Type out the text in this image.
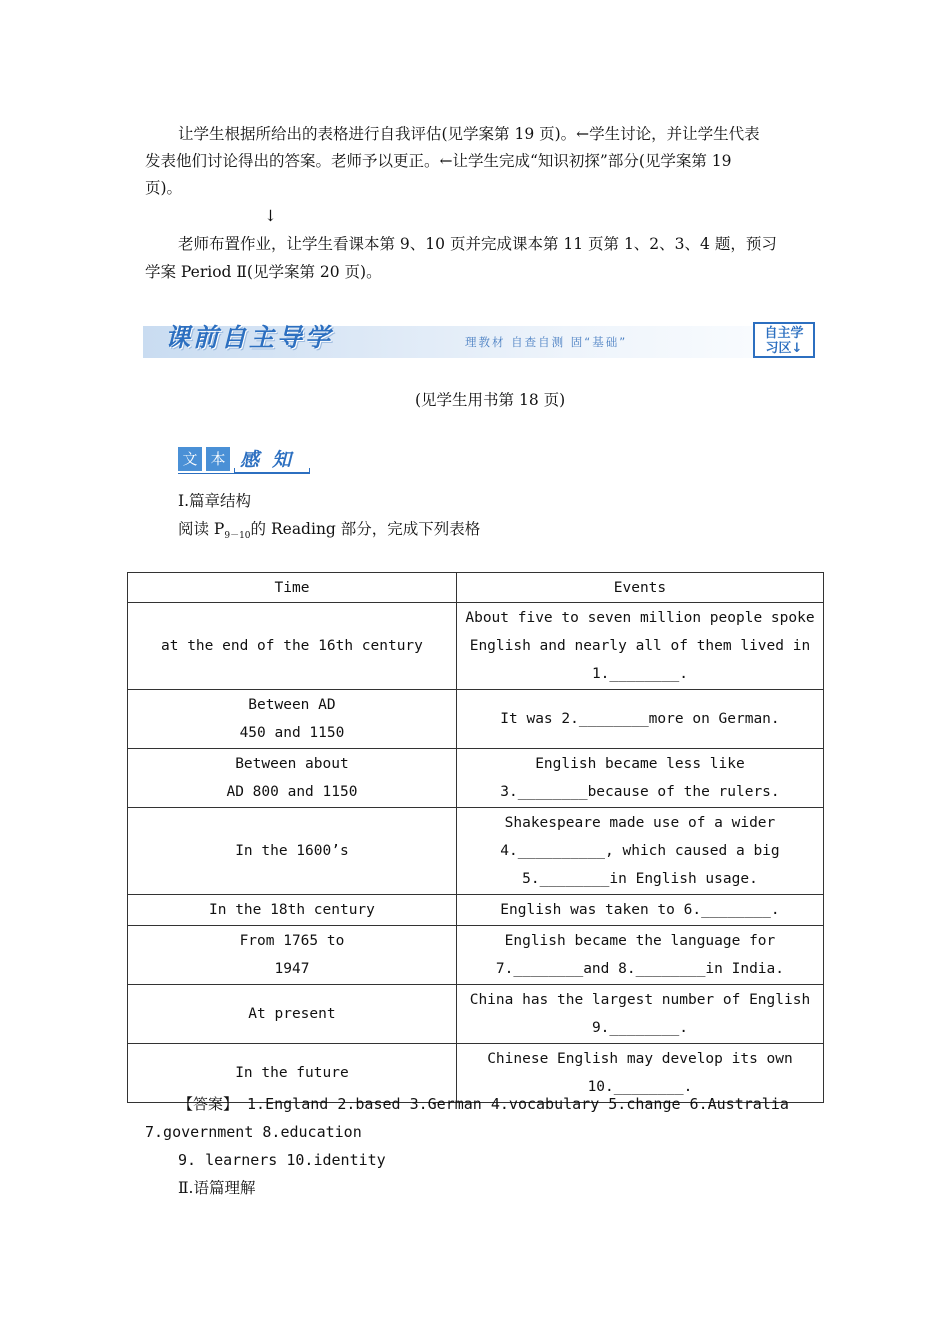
让学生根据所给出的表格进行自我评估(见学案第 19 页)。←学生讨论，并让学生代表
发表他们讨论得出的答案。老师予以更正。←让学生完成“知识初探”部分(见学案第 19
页)。
↓
老师布置作业，让学生看课本第 9、10 页并完成课本第 11 页第 1、2、3、4 题，预习
学案 Period Ⅱ(见学案第 20 页)。
课前自主导学	理教材 自查自测 固“基础”
自主学
习区↓
(见学生用书第 18 页)
文 本 感 知
Ⅰ.篇章结构
阅读 $P_{9-10}$的 Reading 部分，完成下列表格
Time	Events

at the end of the 16th century	About five to seven million people spoke
English and nearly all of them lived in
1.________.

Between AD
450 and 1150	It was 2.________more on German.

Between about
AD 800 and 1150	English became less like
3.________because of the rulers.

In the 1600’s	Shakespeare made use of a wider
4.__________, which caused a big
5.________in English usage.

In the 18th century	English was taken to 6.________.

From 1765 to
1947	English became the language for
7.________and 8.________in India.

At present	China has the largest number of English
9.________.

In the future	Chinese English may develop its own
10.________.
【答案】 1.England 2.based 3.German 4.vocabulary 5.change 6.Australia
7.government 8.education
9. learners 10.identity
Ⅱ.语篇理解
